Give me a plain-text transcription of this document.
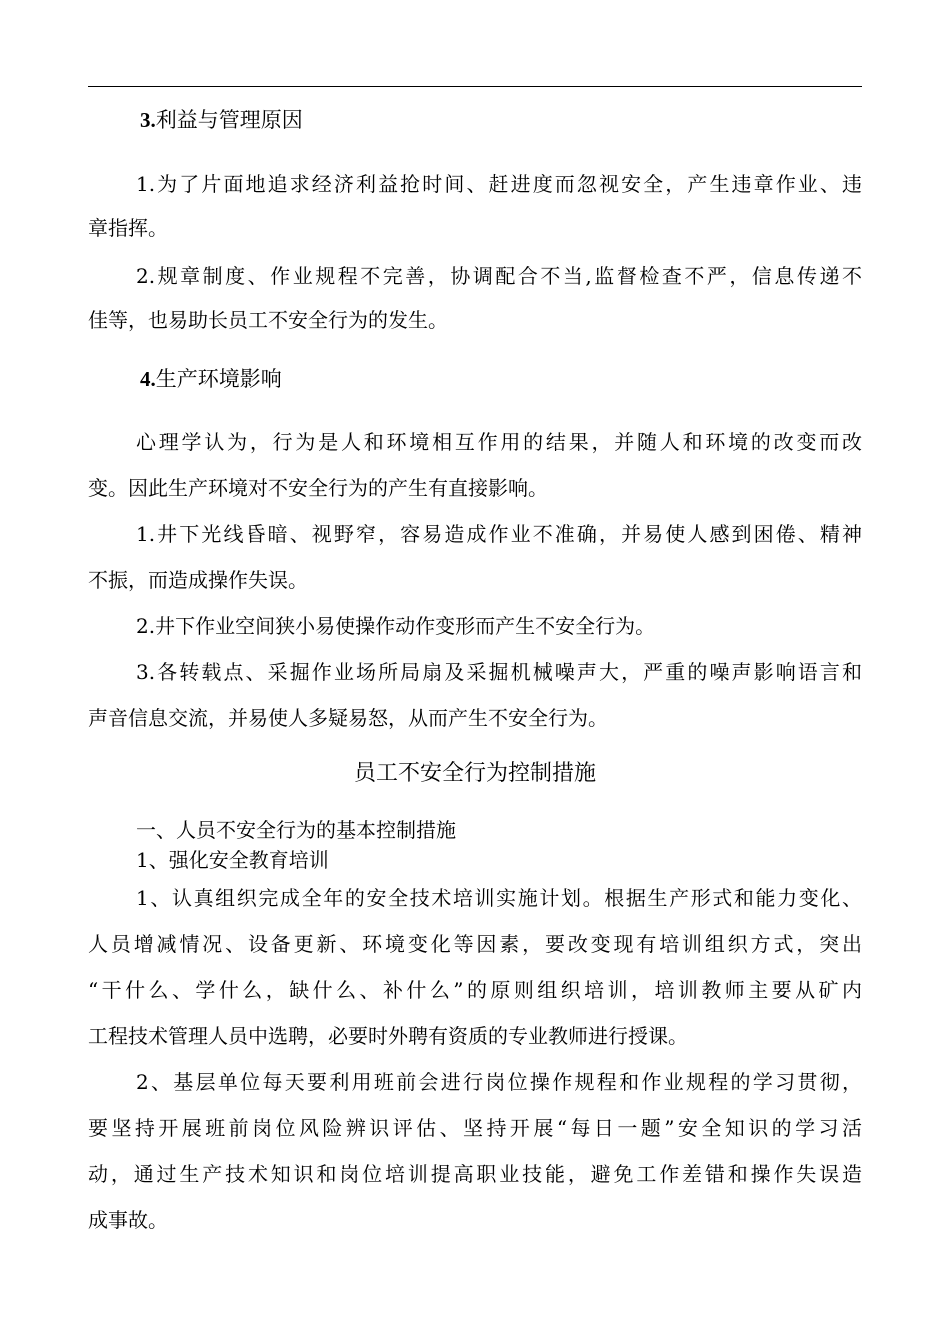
3.利益与管理原因

1.为了片面地追求经济利益抢时间、赶进度而忽视安全，产生违章作业、违

章指挥。

2.规章制度、作业规程不完善，协调配合不当,监督检查不严，信息传递不

佳等，也易助长员工不安全行为的发生。

4.生产环境影响

心理学认为，行为是人和环境相互作用的结果，并随人和环境的改变而改

变。因此生产环境对不安全行为的产生有直接影响。

1.井下光线昏暗、视野窄，容易造成作业不准确，并易使人感到困倦、精神

不振，而造成操作失误。

2.井下作业空间狭小易使操作动作变形而产生不安全行为。

3.各转载点、采掘作业场所局扇及采掘机械噪声大，严重的噪声影响语言和

声音信息交流，并易使人多疑易怒，从而产生不安全行为。

员工不安全行为控制措施

一、人员不安全行为的基本控制措施

1、强化安全教育培训

1、认真组织完成全年的安全技术培训实施计划。根据生产形式和能力变化、

人员增减情况、设备更新、环境变化等因素，要改变现有培训组织方式，突出

“干什么、学什么，缺什么、补什么”的原则组织培训，培训教师主要从矿内

工程技术管理人员中选聘，必要时外聘有资质的专业教师进行授课。

2、基层单位每天要利用班前会进行岗位操作规程和作业规程的学习贯彻，

要坚持开展班前岗位风险辨识评估、坚持开展“每日一题”安全知识的学习活

动，通过生产技术知识和岗位培训提高职业技能，避免工作差错和操作失误造

成事故。
